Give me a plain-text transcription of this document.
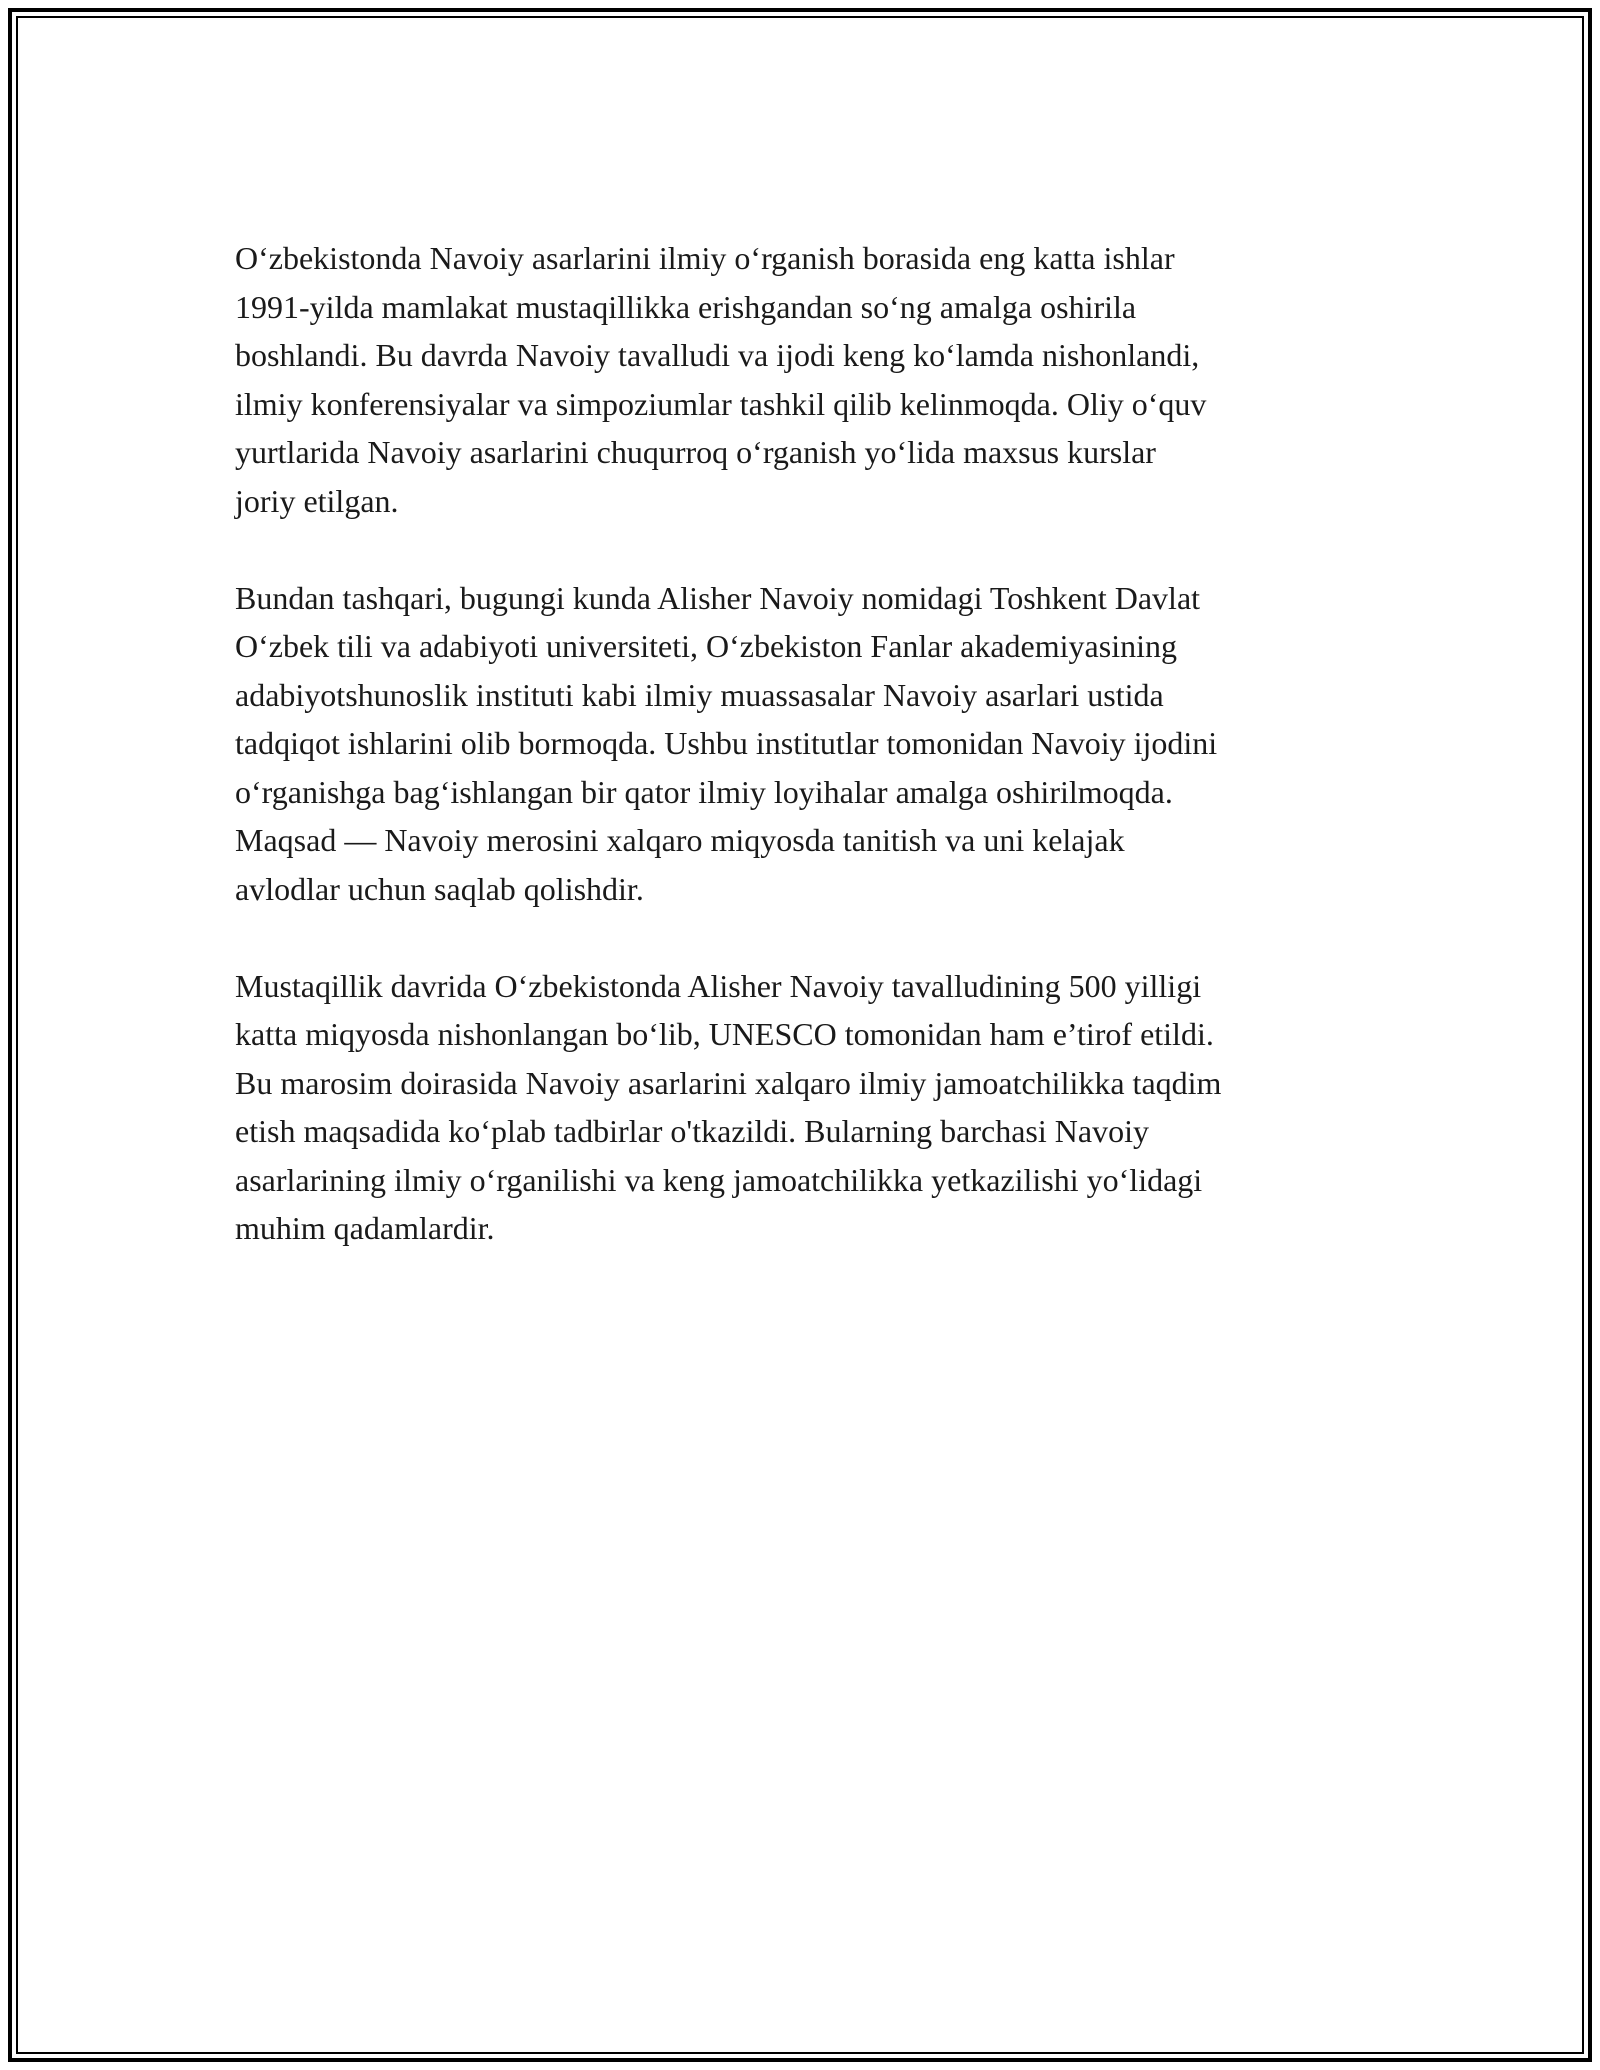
O‘zbekistonda Navoiy asarlarini ilmiy o‘rganish borasida eng katta ishlar
1991-yilda mamlakat mustaqillikka erishgandan so‘ng amalga oshirila
boshlandi. Bu davrda Navoiy tavalludi va ijodi keng ko‘lamda nishonlandi,
ilmiy konferensiyalar va simpoziumlar tashkil qilib kelinmoqda. Oliy o‘quv
yurtlarida Navoiy asarlarini chuqurroq o‘rganish yo‘lida maxsus kurslar
joriy etilgan.

Bundan tashqari, bugungi kunda Alisher Navoiy nomidagi Toshkent Davlat
O‘zbek tili va adabiyoti universiteti, O‘zbekiston Fanlar akademiyasining
adabiyotshunoslik instituti kabi ilmiy muassasalar Navoiy asarlari ustida
tadqiqot ishlarini olib bormoqda. Ushbu institutlar tomonidan Navoiy ijodini
o‘rganishga bag‘ishlangan bir qator ilmiy loyihalar amalga oshirilmoqda.
Maqsad — Navoiy merosini xalqaro miqyosda tanitish va uni kelajak
avlodlar uchun saqlab qolishdir.

Mustaqillik davrida O‘zbekistonda Alisher Navoiy tavalludining 500 yilligi
katta miqyosda nishonlangan bo‘lib, UNESCO tomonidan ham e’tirof etildi.
Bu marosim doirasida Navoiy asarlarini xalqaro ilmiy jamoatchilikka taqdim
etish maqsadida ko‘plab tadbirlar o'tkazildi. Bularning barchasi Navoiy
asarlarining ilmiy o‘rganilishi va keng jamoatchilikka yetkazilishi yo‘lidagi
muhim qadamlardir.
